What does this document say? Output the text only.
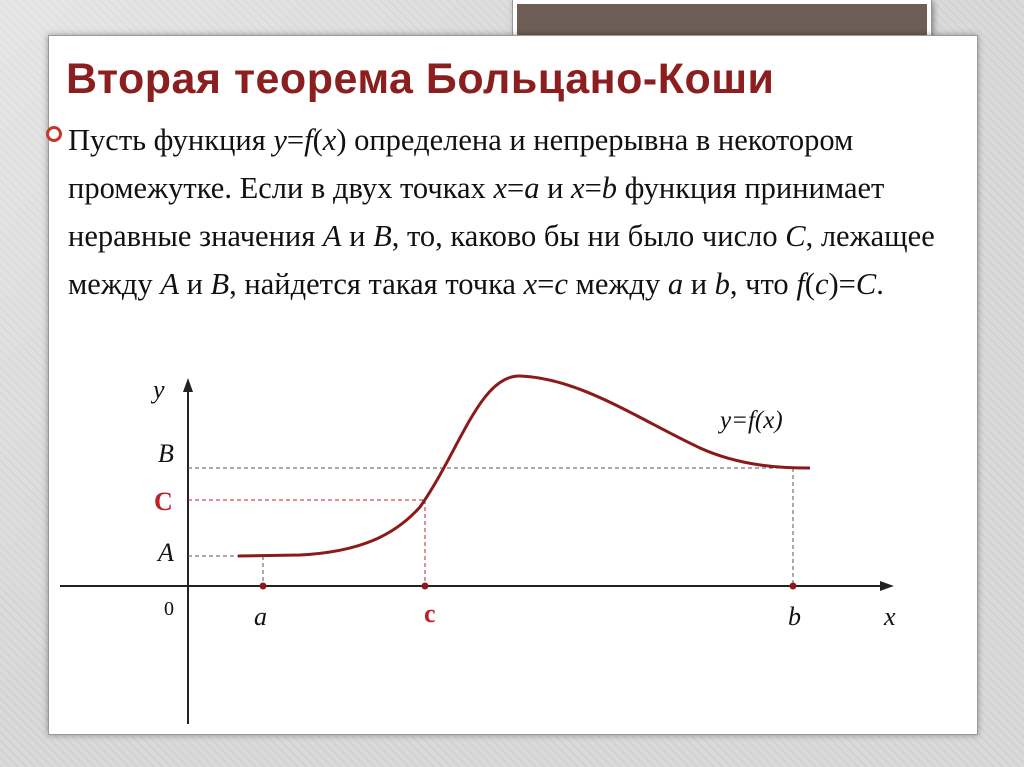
Вторая теорема Больцано-Коши

Пусть функция y=f(x) определена и непрерывна в некотором промежутке. Если в двух точках x=a и x=b функция принимает неравные значения A и B, то, каково бы ни было число C, лежащее между A и B, найдется такая точка x=c между a и b, что f(c)=C.

y
x
0
B
C
A
a	c	b
y=f(x)
